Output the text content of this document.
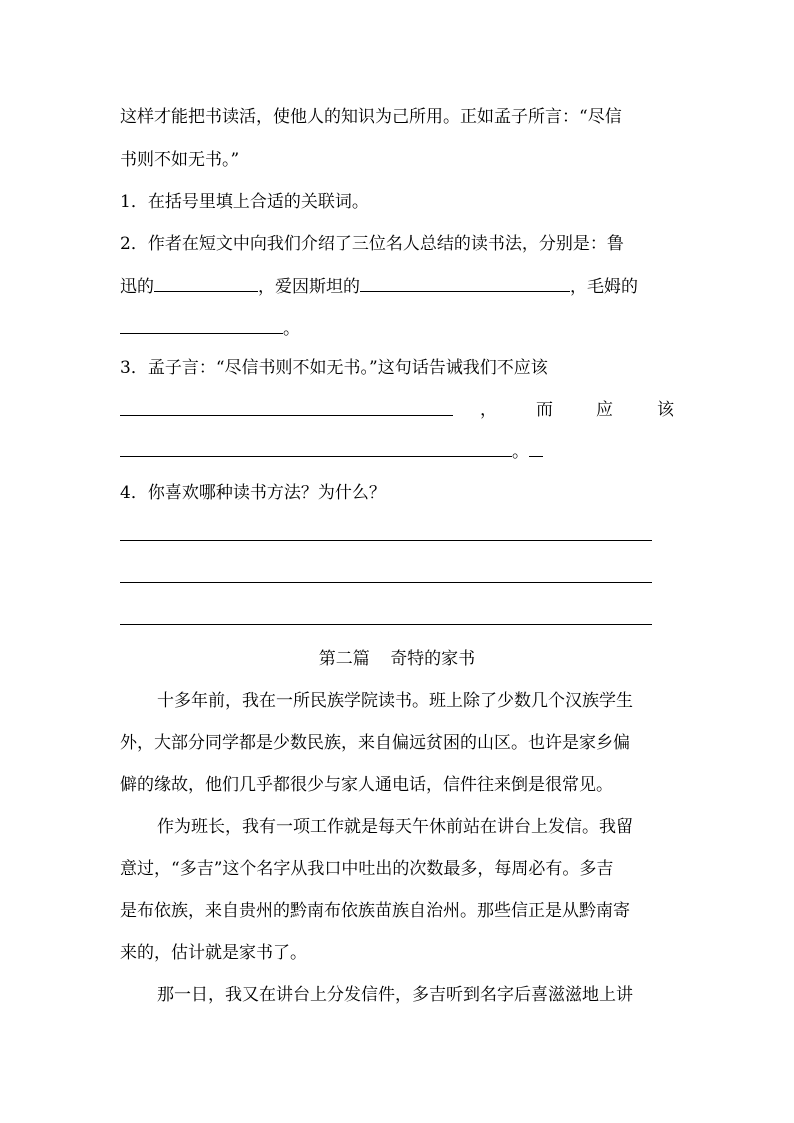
这样才能把书读活，使他人的知识为己所用。正如孟子所言：“尽信
书则不如无书。”
1．在括号里填上合适的关联词。
2．作者在短文中向我们介绍了三位名人总结的读书法，分别是：鲁
迅的	，爱因斯坦的	，毛姆的
。
3．孟子言：“尽信书则不如无书。”这句话告诫我们不应该
， 而	应	该
。
4．你喜欢哪种读书方法？为什么？
第二篇 奇特的家书
十多年前，我在一所民族学院读书。班上除了少数几个汉族学生
外，大部分同学都是少数民族，来自偏远贫困的山区。也许是家乡偏
僻的缘故，他们几乎都很少与家人通电话，信件往来倒是很常见。
作为班长，我有一项工作就是每天午休前站在讲台上发信。我留
意过，“多吉”这个名字从我口中吐出的次数最多，每周必有。多吉
是布依族，来自贵州的黔南布依族苗族自治州。那些信正是从黔南寄
来的，估计就是家书了。
那一日，我又在讲台上分发信件，多吉听到名字后喜滋滋地上讲
